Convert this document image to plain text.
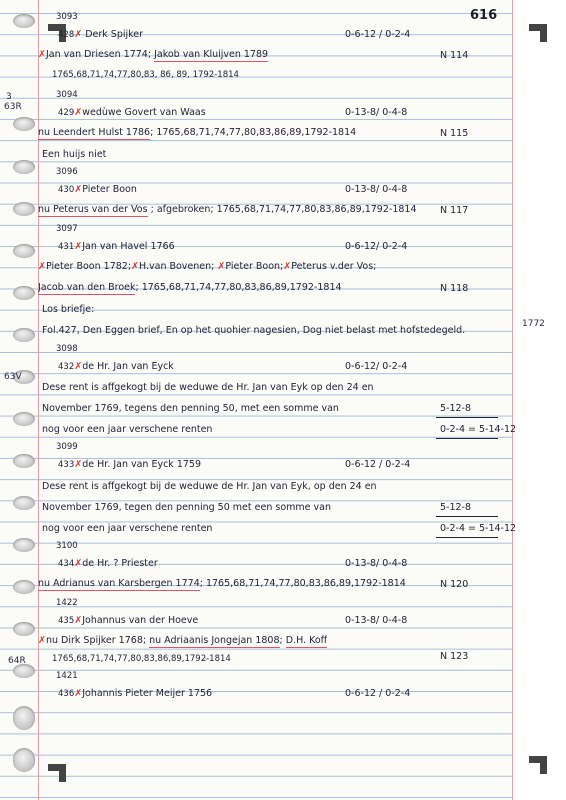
616
3
63R
63V
64R
1772
3093
428✗ Derk Spijker	0-6-12 / 0-2-4
✗Jan van Driesen 1774; Jakob van Kluijven 1789	N 114
1765,68,71,74,77,80,83, 86, 89, 1792-1814
3094
429✗wedùwe Govert van Waas	0-13-8/ 0-4-8
nu Leendert Hulst 1786; 1765,68,71,74,77,80,83,86,89,1792-1814	N 115
Een huijs niet
3096
430✗Pieter Boon	0-13-8/ 0-4-8
nu Peterus van der Vos ; afgebroken; 1765,68,71,74,77,80,83,86,89,1792-1814 N 117
3097
431✗Jan van Havel 1766	0-6-12/ 0-2-4
✗Pieter Boon 1782;✗H.van Bovenen; ✗Pieter Boon;✗Peterus v.der Vos;
Jacob van den Broek; 1765,68,71,74,77,80,83,86,89,1792-1814	N 118
Los briefje:
Fol.427, Den Eggen brief, En op het quohier nagesien, Dog niet belast met hofstedegeld.
3098
432✗de Hr. Jan van Eyck	0-6-12/ 0-2-4
Dese rent is affgekogt bij de weduwe de Hr. Jan van Eyk op den 24 en
November 1769, tegens den penning 50, met een somme van	5-12-8
nog voor een jaar verschene renten	0-2-4 = 5-14-12
3099
433✗de Hr. Jan van Eyck 1759	0-6-12 / 0-2-4
Dese rent is affgekogt bij de weduwe de Hr. Jan van Eyk, op den 24 en
November 1769, tegen den penning 50 met een somme van	5-12-8
nog voor een jaar verschene renten	0-2-4 = 5-14-12
3100
434✗de Hr. ? Priester	0-13-8/ 0-4-8
nu Adrianus van Karsbergen 1774; 1765,68,71,74,77,80,83,86,89,1792-1814	N 120
1422
435✗Johannus van der Hoeve	0-13-8/ 0-4-8
✗nu Dirk Spijker 1768; nu Adriaanis Jongejan 1808; D.H. Koff
1765,68,71,74,77,80,83,86,89,1792-1814	N 123
1421
436✗Johannis Pieter Meijer 1756	0-6-12 / 0-2-4
